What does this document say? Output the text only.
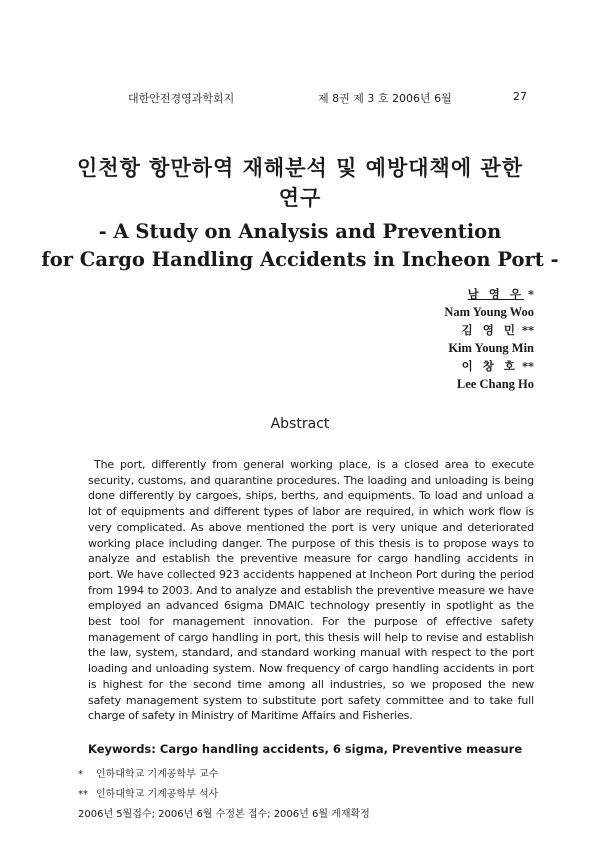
대한안전경영과학회지	제 8권 제 3 호 2006년 6월	27
인천항 항만하역 재해분석 및 예방대책에 관한
연구
- A Study on Analysis and Prevention
for Cargo Handling Accidents in Incheon Port -
남 영 우 *
Nam Young Woo
김 영 민 **
Kim Young Min
이 창 호 **
Lee Chang Ho
Abstract
The port, differently from general working place, is a closed area to execute security, customs, and quarantine procedures. The loading and unloading is being done differently by cargoes, ships, berths, and equipments. To load and unload a lot of equipments and different types of labor are required, in which work flow is very complicated. As above mentioned the port is very unique and deteriorated working place including danger. The purpose of this thesis is to propose ways to analyze and establish the preventive measure for cargo handling accidents in port. We have collected 923 accidents happened at Incheon Port during the period from 1994 to 2003. And to analyze and establish the preventive measure we have employed an advanced 6sigma DMAIC technology presently in spotlight as the best tool for management innovation. For the purpose of effective safety management of cargo handling in port, this thesis will help to revise and establish the law, system, standard, and standard working manual with respect to the port loading and unloading system. Now frequency of cargo handling accidents in port is highest for the second time among all industries, so we proposed the new safety management system to substitute port safety committee and to take full charge of safety in Ministry of Maritime Affairs and Fisheries.
Keywords: Cargo handling accidents, 6 sigma, Preventive measure
* 인하대학교 기계공학부 교수
** 인하대학교 기계공학부 석사
2006년 5월접수; 2006년 6월 수정본 접수; 2006년 6월 게재확정
